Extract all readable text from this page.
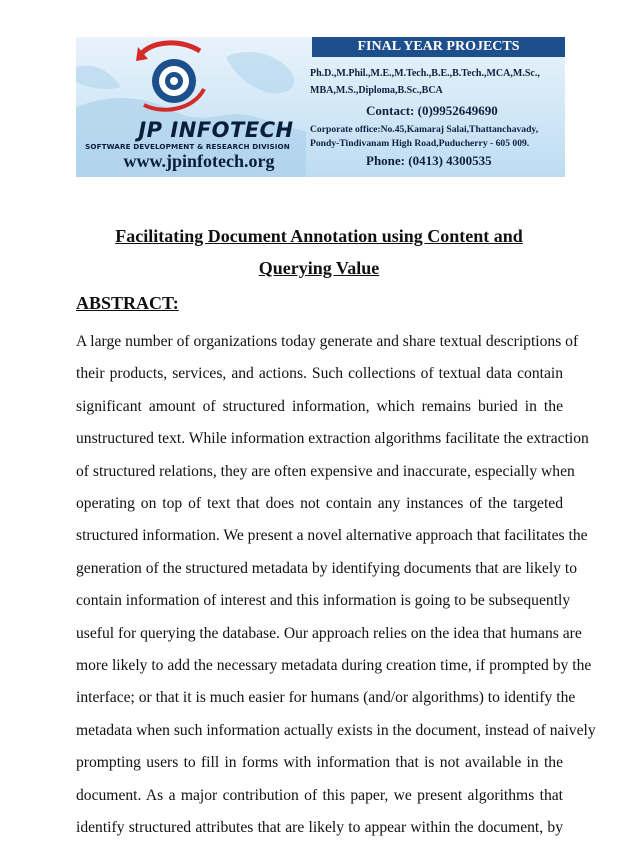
JP INFOTECH
SOFTWARE DEVELOPMENT & RESEARCH DIVISION
www.jpinfotech.org
FINAL YEAR PROJECTS
Ph.D.,M.Phil.,M.E.,M.Tech.,B.E.,B.Tech.,MCA,M.Sc.,
MBA,M.S.,Diploma,B.Sc.,BCA
Contact: (0)9952649690
Corporate office:No.45,Kamaraj Salai,Thattanchavady,
Pondy-Tindivanam High Road,Puducherry - 605 009.
Phone: (0413) 4300535
Facilitating Document Annotation using Content and
Querying Value
ABSTRACT:
A large number of organizations today generate and share textual descriptions of
their products, services, and actions. Such collections of textual data contain
significant amount of structured information, which remains buried in the
unstructured text. While information extraction algorithms facilitate the extraction
of structured relations, they are often expensive and inaccurate, especially when
operating on top of text that does not contain any instances of the targeted
structured information. We present a novel alternative approach that facilitates the
generation of the structured metadata by identifying documents that are likely to
contain information of interest and this information is going to be subsequently
useful for querying the database. Our approach relies on the idea that humans are
more likely to add the necessary metadata during creation time, if prompted by the
interface; or that it is much easier for humans (and/or algorithms) to identify the
metadata when such information actually exists in the document, instead of naively
prompting users to fill in forms with information that is not available in the
document. As a major contribution of this paper, we present algorithms that
identify structured attributes that are likely to appear within the document, by
